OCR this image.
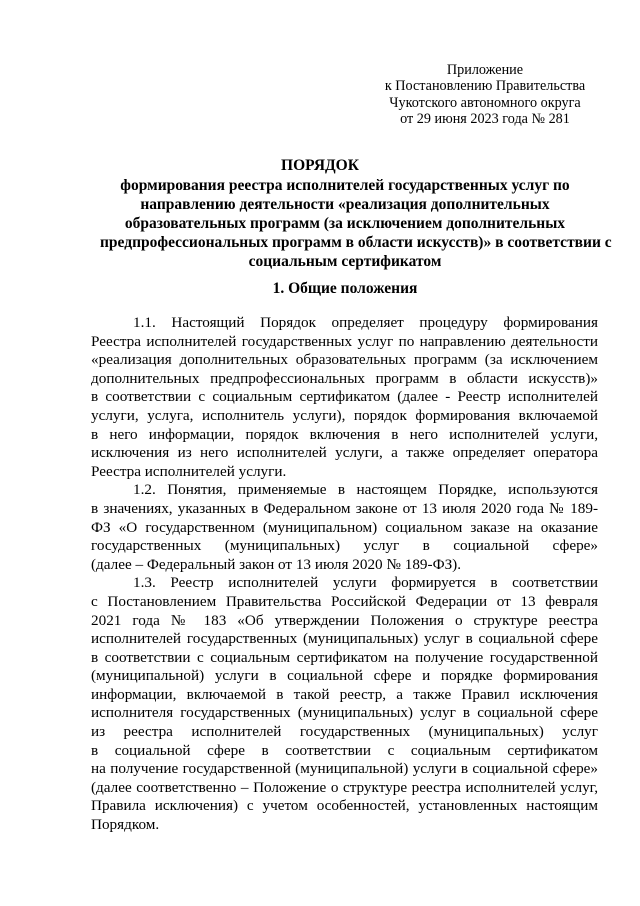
Приложение
к Постановлению Правительства
Чукотского автономного округа
от 29 июня 2023 года № 281
ПОРЯДОК
формирования реестра исполнителей государственных услуг по
направлению деятельности «реализация дополнительных
образовательных программ (за исключением дополнительных
предпрофессиональных программ в области искусств)» в соответствии с
социальным сертификатом
1. Общие положения
1.1. Настоящий Порядок определяет процедуру формирования
Реестра исполнителей государственных услуг по направлению деятельности
«реализация дополнительных образовательных программ (за исключением
дополнительных предпрофессиональных программ в области искусств)»
в соответствии с социальным сертификатом (далее - Реестр исполнителей
услуги, услуга, исполнитель услуги), порядок формирования включаемой
в него информации, порядок включения в него исполнителей услуги,
исключения из него исполнителей услуги, а также определяет оператора
Реестра исполнителей услуги.
1.2. Понятия, применяемые в настоящем Порядке, используются
в значениях, указанных в Федеральном законе от 13 июля 2020 года № 189-
ФЗ «О государственном (муниципальном) социальном заказе на оказание
государственных (муниципальных) услуг в социальной сфере»
(далее – Федеральный закон от 13 июля 2020 № 189-ФЗ).
1.3. Реестр исполнителей услуги формируется в соответствии
с Постановлением Правительства Российской Федерации от 13 февраля
2021 года № 183 «Об утверждении Положения о структуре реестра
исполнителей государственных (муниципальных) услуг в социальной сфере
в соответствии с социальным сертификатом на получение государственной
(муниципальной) услуги в социальной сфере и порядке формирования
информации, включаемой в такой реестр, а также Правил исключения
исполнителя государственных (муниципальных) услуг в социальной сфере
из реестра исполнителей государственных (муниципальных) услуг
в социальной сфере в соответствии с социальным сертификатом
на получение государственной (муниципальной) услуги в социальной сфере»
(далее соответственно – Положение о структуре реестра исполнителей услуг,
Правила исключения) с учетом особенностей, установленных настоящим
Порядком.
